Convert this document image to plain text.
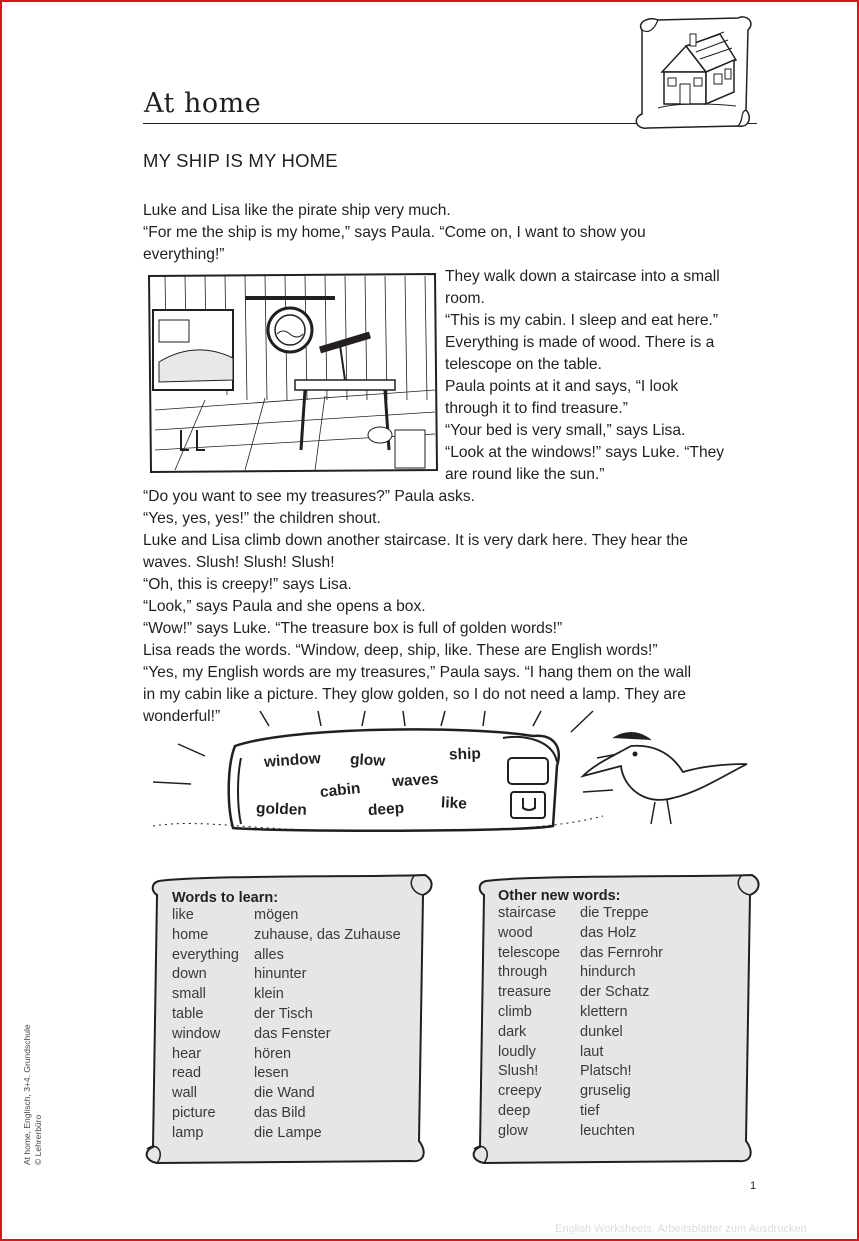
At home
MY SHIP IS MY HOME
Luke and Lisa like the pirate ship very much.
“For me the ship is my home,” says Paula. “Come on, I want to show you
everything!”
They walk down a staircase into a small
room.
“This is my cabin. I sleep and eat here.”
Everything is made of wood. There is a
telescope on the table.
Paula points at it and says, “I look
through it to find treasure.”
“Your bed is very small,” says Lisa.
“Look at the windows!” says Luke. “They
are round like the sun.”
“Do you want to see my treasures?” Paula asks.
“Yes, yes, yes!” the children shout.
Luke and Lisa climb down another staircase. It is very dark here. They hear the
waves. Slush! Slush! Slush!
“Oh, this is creepy!” says Lisa.
“Look,” says Paula and she opens a box.
“Wow!” says Luke. “The treasure box is full of golden words!”
Lisa reads the words. “Window, deep, ship, like. These are English words!”
“Yes, my English words are my treasures,” Paula says. “I hang them on the wall
in my cabin like a picture. They glow golden, so I do not need a lamp. They are
wonderful!”
window glow	ship
cabin waves
golden	deep like
Words to learn:
like	mögen
home	zuhause, das Zuhause
everything alles
down	hinunter
small	klein
table	der Tisch
window das Fenster
hear	hören
read	lesen
wall	die Wand
picture	das Bild
lamp	die Lampe
Other new words:
staircase die Treppe
wood	das Holz
telescope das Fernrohr
through hindurch
treasure der Schatz
climb	klettern
dark	dunkel
loudly	laut
Slush!	Platsch!
creepy	gruselig
deep	tief
glow	leuchten
At home, Englisch, 3+4. Grundschule © Lehrerbüro
1
English Worksheets, Arbeitsblätter zum Ausdrucken
